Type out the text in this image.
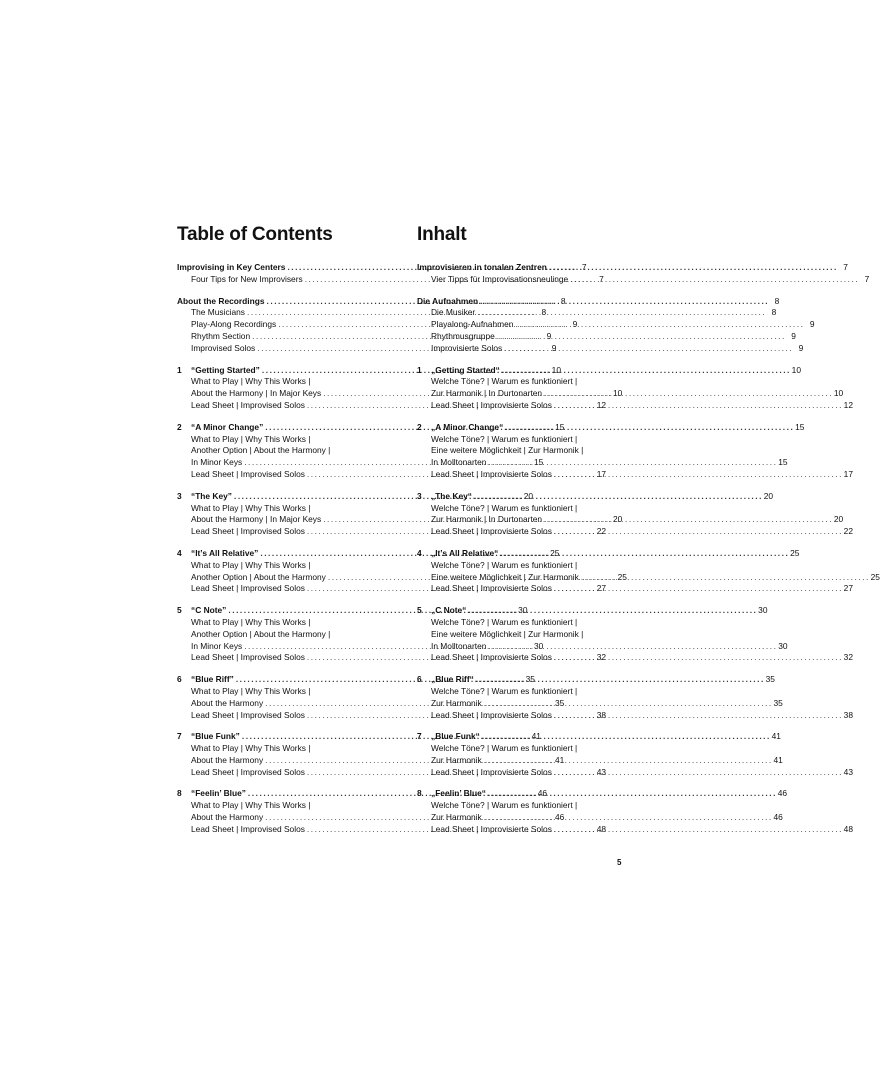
Table of Contents
Improvising in Key Centers . . .	7
Four Tips for New Improvisers . . .	7
About the Recordings . . .	8
The Musicians . . .	8
Play-Along Recordings . . .	9
Rhythm Section . . .	9
Improvised Solos . . .	9
1	“Getting Started” . . .	10
What to Play | Why This Works |
About the Harmony | In Major Keys . . .	10
Lead Sheet | Improvised Solos . . .	12
2	“A Minor Change” . . .	15
What to Play | Why This Works |
Another Option | About the Harmony |
In Minor Keys . . .	15
Lead Sheet | Improvised Solos . . .	17
3	“The Key” . . .	20
What to Play | Why This Works |
About the Harmony | In Major Keys . . .	20
Lead Sheet | Improvised Solos . . .	22
4	“It’s All Relative” . . .	25
What to Play | Why This Works |
Another Option | About the Harmony . . .	25
Lead Sheet | Improvised Solos . . .	27
5	“C Note” . . .	30
What to Play | Why This Works |
Another Option | About the Harmony |
In Minor Keys . . .	30
Lead Sheet | Improvised Solos . . .	32
6	“Blue Riff” . . .	35
What to Play | Why This Works |
About the Harmony . . .	35
Lead Sheet | Improvised Solos . . .	38
7	“Blue Funk” . . .	41
What to Play | Why This Works |
About the Harmony . . .	41
Lead Sheet | Improvised Solos . . .	43
8	“Feelin’ Blue” . . .	46
What to Play | Why This Works |
About the Harmony . . .	46
Lead Sheet | Improvised Solos . . .	48
Inhalt
Improvisieren in tonalen Zentren . . .	7
Vier Tipps für Improvisationsneulinge . . .	7
Die Aufnahmen . . .	8
Die Musiker . . .	8
Playalong-Aufnahmen . . .	9
Rhythmusgruppe . . .	9
Improvisierte Solos . . .	9
1	„Getting Started“ . . .	10
Welche Töne? | Warum es funktioniert |
Zur Harmonik | In Durtonarten . . .	10
Lead Sheet | Improvisierte Solos . . .	12
2	„A Minor Change“ . . .	15
Welche Töne? | Warum es funktioniert |
Eine weitere Möglichkeit | Zur Harmonik |
In Molltonarten . . .	15
Lead Sheet | Improvisierte Solos . . .	17
3	„The Key“ . . .	20
Welche Töne? | Warum es funktioniert |
Zur Harmonik | In Durtonarten . . .	20
Lead Sheet | Improvisierte Solos . . .	22
4	„It’s All Relative“ . . .	25
Welche Töne? | Warum es funktioniert |
Eine weitere Möglichkeit | Zur Harmonik . . .	25
Lead Sheet | Improvisierte Solos . . .	27
5	„C Note“ . . .	30
Welche Töne? | Warum es funktioniert |
Eine weitere Möglichkeit | Zur Harmonik |
In Molltonarten . . .	30
Lead Sheet | Improvisierte Solos . . .	32
6	„Blue Riff“ . . .	35
Welche Töne? | Warum es funktioniert |
Zur Harmonik . . .	35
Lead Sheet | Improvisierte Solos . . .	38
7	„Blue Funk“ . . .	41
Welche Töne? | Warum es funktioniert |
Zur Harmonik . . .	41
Lead Sheet | Improvisierte Solos . . .	43
8	„Feelin’ Blue“ . . .	46
Welche Töne? | Warum es funktioniert |
Zur Harmonik . . .	46
Lead Sheet | Improvisierte Solos . . .	48
5
